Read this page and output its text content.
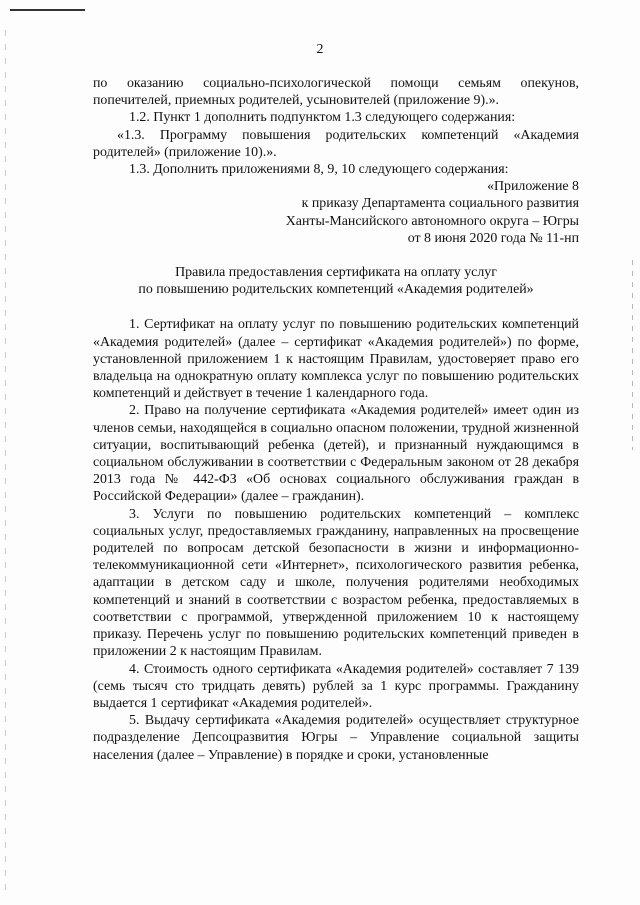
2

по оказанию социально-психологической помощи семьям опекунов, попечителей, приемных родителей, усыновителей (приложение 9).».

1.2. Пункт 1 дополнить подпунктом 1.3 следующего содержания:

«1.3. Программу повышения родительских компетенций «Академия родителей» (приложение 10).».

1.3. Дополнить приложениями 8, 9, 10 следующего содержания:

«Приложение 8

к приказу Департамента социального развития

Ханты-Мансийского автономного округа – Югры

от 8 июня 2020 года № 11-нп

Правила предоставления сертификата на оплату услуг

по повышению родительских компетенций «Академия родителей»

1. Сертификат на оплату услуг по повышению родительских компетенций «Академия родителей» (далее – сертификат «Академия родителей») по форме, установленной приложением 1 к настоящим Правилам, удостоверяет право его владельца на однократную оплату комплекса услуг по повышению родительских компетенций и действует в течение 1 календарного года.

2. Право на получение сертификата «Академия родителей» имеет один из членов семьи, находящейся в социально опасном положении, трудной жизненной ситуации, воспитывающий ребенка (детей), и признанный нуждающимся в социальном обслуживании в соответствии с Федеральным законом от 28 декабря 2013 года № 442-ФЗ «Об основах социального обслуживания граждан в Российской Федерации» (далее – гражданин).

3. Услуги по повышению родительских компетенций – комплекс социальных услуг, предоставляемых гражданину, направленных на просвещение родителей по вопросам детской безопасности в жизни и информационно-телекоммуникационной сети «Интернет», психологического развития ребенка, адаптации в детском саду и школе, получения родителями необходимых компетенций и знаний в соответствии с возрастом ребенка, предоставляемых в соответствии с программой, утвержденной приложением 10 к настоящему приказу. Перечень услуг по повышению родительских компетенций приведен в приложении 2 к настоящим Правилам.

4. Стоимость одного сертификата «Академия родителей» составляет 7 139 (семь тысяч сто тридцать девять) рублей за 1 курс программы. Гражданину выдается 1 сертификат «Академия родителей».

5. Выдачу сертификата «Академия родителей» осуществляет структурное подразделение Депсоцразвития Югры – Управление социальной защиты населения (далее – Управление) в порядке и сроки, установленные
